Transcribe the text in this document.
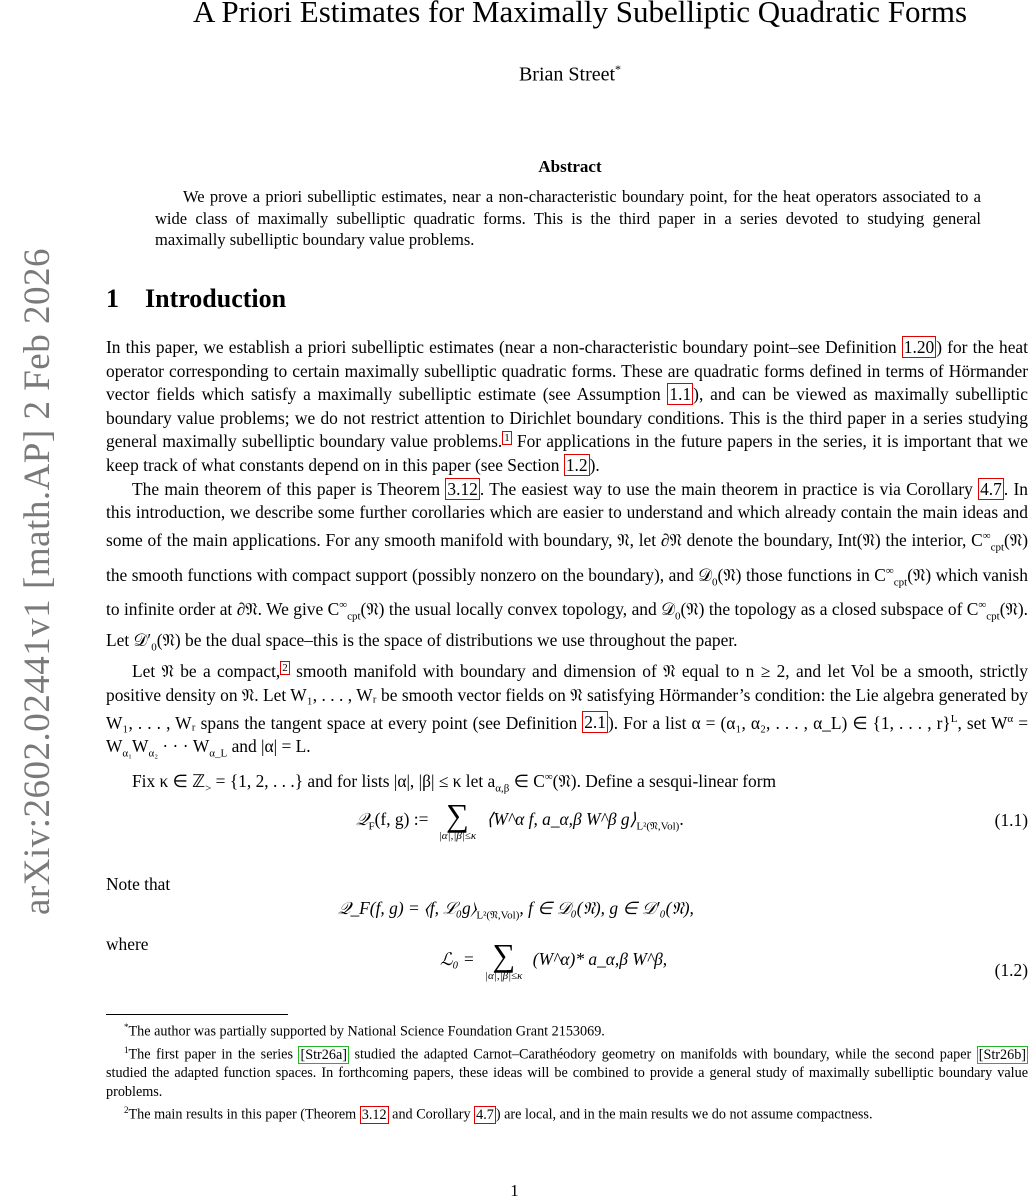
arXiv:2602.02441v1 [math.AP] 2 Feb 2026
A Priori Estimates for Maximally Subelliptic Quadratic Forms
Brian Street*
Abstract
We prove a priori subelliptic estimates, near a non-characteristic boundary point, for the heat operators associated to a wide class of maximally subelliptic quadratic forms. This is the third paper in a series devoted to studying general maximally subelliptic boundary value problems.
1 Introduction

In this paper, we establish a priori subelliptic estimates (near a non-characteristic boundary point–see Definition 1.20 ) for the heat operator corresponding to certain maximally subelliptic quadratic forms. These are quadratic forms defined in terms of Hörmander vector fields which satisfy a maximally subelliptic estimate (see Assumption 1.1 ), and can be viewed as maximally subelliptic boundary value problems; we do not restrict attention to Dirichlet boundary conditions. This is the third paper in a series studying general maximally subelliptic boundary value problems. $^1$ For applications in the future papers in the series, it is important that we keep track of what constants depend on in this paper (see Section 1.2 ).

The main theorem of this paper is Theorem 3.12 . The easiest way to use the main theorem in practice is via Corollary 4.7 . In this introduction, we describe some further corollaries which are easier to understand and which already contain the main ideas and some of the main applications. For any smooth manifold with boundary, 𝔑, let ∂𝔑 denote the boundary, Int(𝔑) the interior, $C^\infty_{cpt}(𝔑)$ the smooth functions with compact support (possibly nonzero on the boundary), and 𝒟$_0$(𝔑) those functions in $C^\infty_{cpt}(𝔑)$ which vanish to infinite order at ∂𝔑. We give $C^\infty_{cpt}(𝔑)$ the usual locally convex topology, and 𝒟$_0$(𝔑) the topology as a closed subspace of $C^\infty_{cpt}(𝔑)$. Let $𝒟'_0(𝔑)$ be the dual space–this is the space of distributions we use throughout the paper.

Let 𝔑 be a compact, $^2$ smooth manifold with boundary and dimension of 𝔑 equal to n ≥ 2, and let Vol be a smooth, strictly positive density on 𝔑. Let W₁, . . . , Wᵣ be smooth vector fields on 𝔑 satisfying Hörmander’s condition: the Lie algebra generated by W₁, . . . , Wᵣ spans the tangent space at every point (see Definition 2.1 ). For a list α = (α₁, α₂, . . . , α_L) ∈ {1, . . . , r}$^L$, set $W^\alpha = W_{\alpha_1}W_{\alpha_2}$ · · · $W_{\alpha\_L}$ and |α| = L.

Fix κ ∈ ℤ$_>$ = {1, 2, . . .} and for lists |α|, |β| ≤ κ let $a_{\alpha,\beta}$ ∈ C∞(𝔑). Define a sesqui-linear form

𝒬$_F$(f, g) := ∑
|α|,|β|≤κ
⟨W^α f, a_α,β W^β $g⟩_{L^2(𝔑,Vol)}$.	(1.1)
Note that
𝒬_F(f, g) = ⟨f, $ℒ_0g⟩_{L^2(𝔑,Vol)}$, f ∈ 𝒟₀(𝔑), g ∈ 𝒟′₀(𝔑),
where
ℒ₀ = ∑
|α|,|β|≤κ
(W^α)* a_α,β W^β,
(1.2)

*The author was partially supported by National Science Foundation Grant 2153069.

$^1$The first paper in the series [Str26a] studied the adapted Carnot–Carathéodory geometry on manifolds with boundary, while the second paper [Str26b] studied the adapted function spaces. In forthcoming papers, these ideas will be combined to provide a general study of maximally subelliptic boundary value problems.

$^2$The main results in this paper (Theorem 3.12 and Corollary 4.7 ) are local, and in the main results we do not assume compactness.

1
